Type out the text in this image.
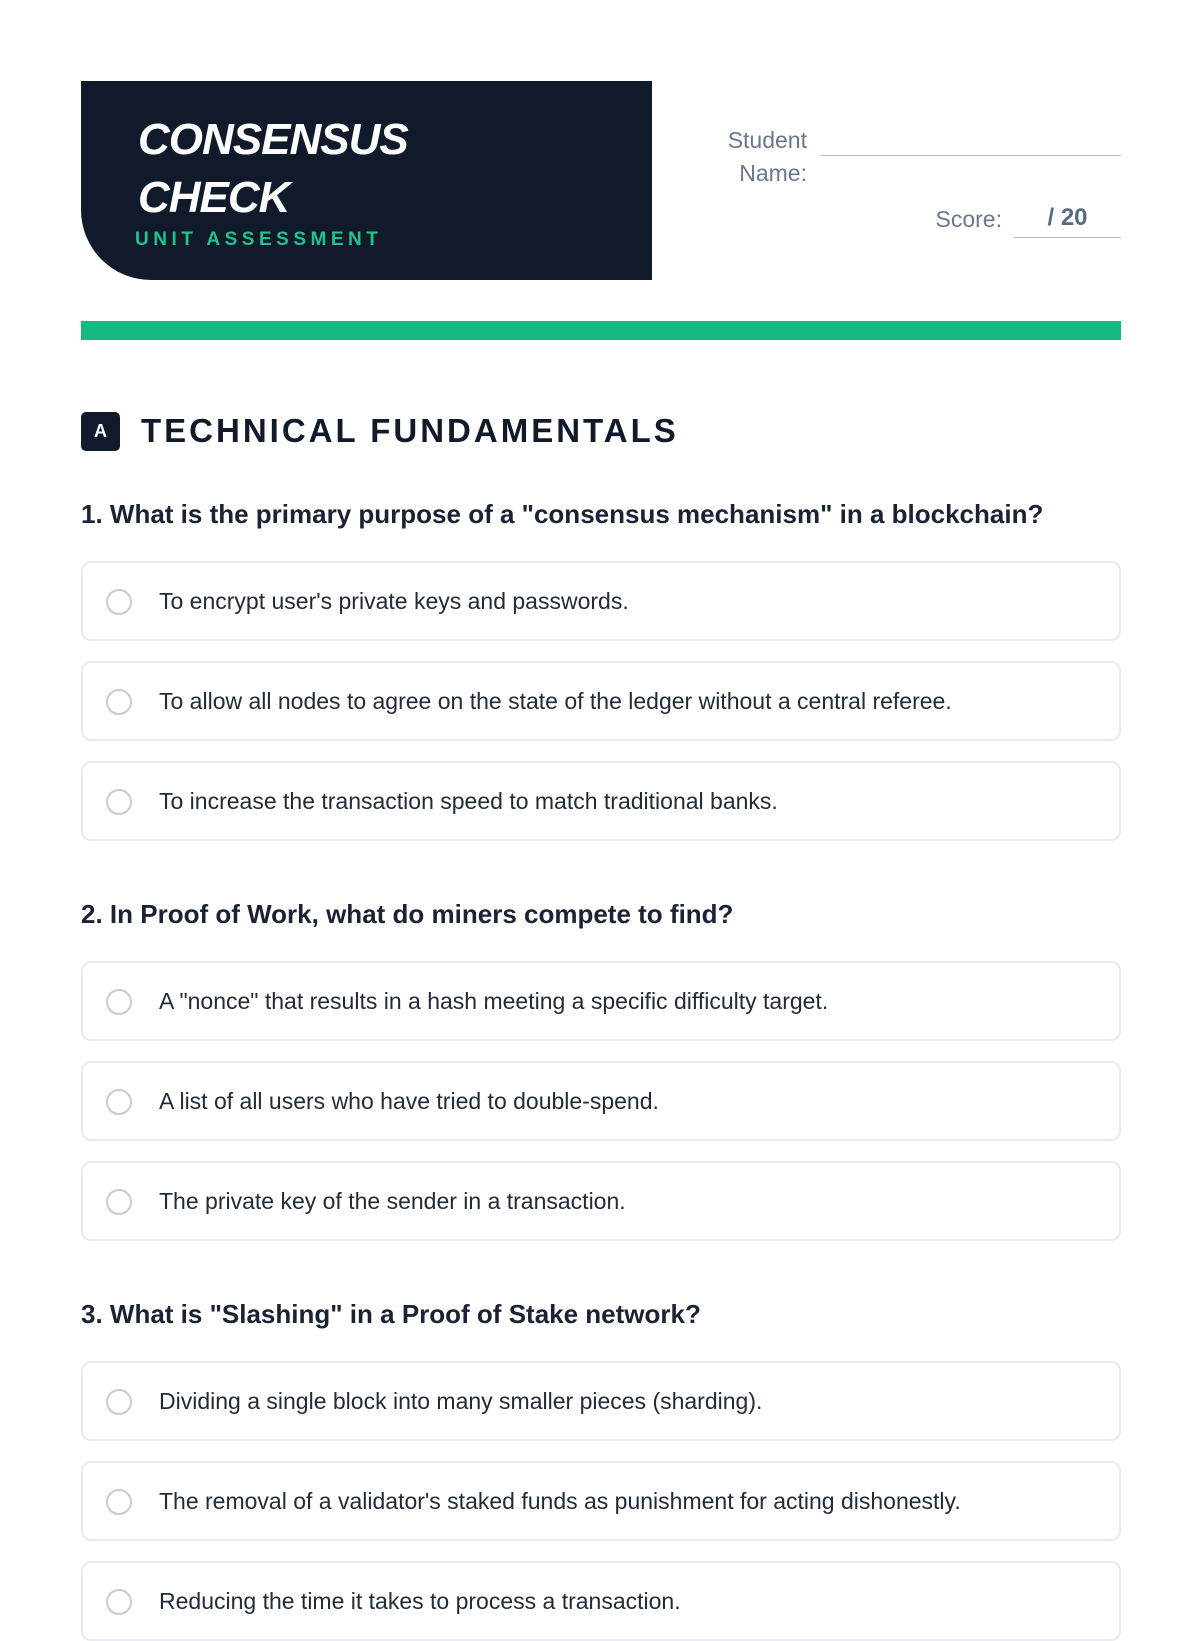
CONSENSUS
CHECK
UNIT ASSESSMENT
Student Name:
Score:	/ 20
A	TECHNICAL FUNDAMENTALS
1. What is the primary purpose of a "consensus mechanism" in a blockchain?
To encrypt user's private keys and passwords.
To allow all nodes to agree on the state of the ledger without a central referee.
To increase the transaction speed to match traditional banks.
2. In Proof of Work, what do miners compete to find?
A "nonce" that results in a hash meeting a specific difficulty target.
A list of all users who have tried to double-spend.
The private key of the sender in a transaction.
3. What is "Slashing" in a Proof of Stake network?
Dividing a single block into many smaller pieces (sharding).
The removal of a validator's staked funds as punishment for acting dishonestly.
Reducing the time it takes to process a transaction.
